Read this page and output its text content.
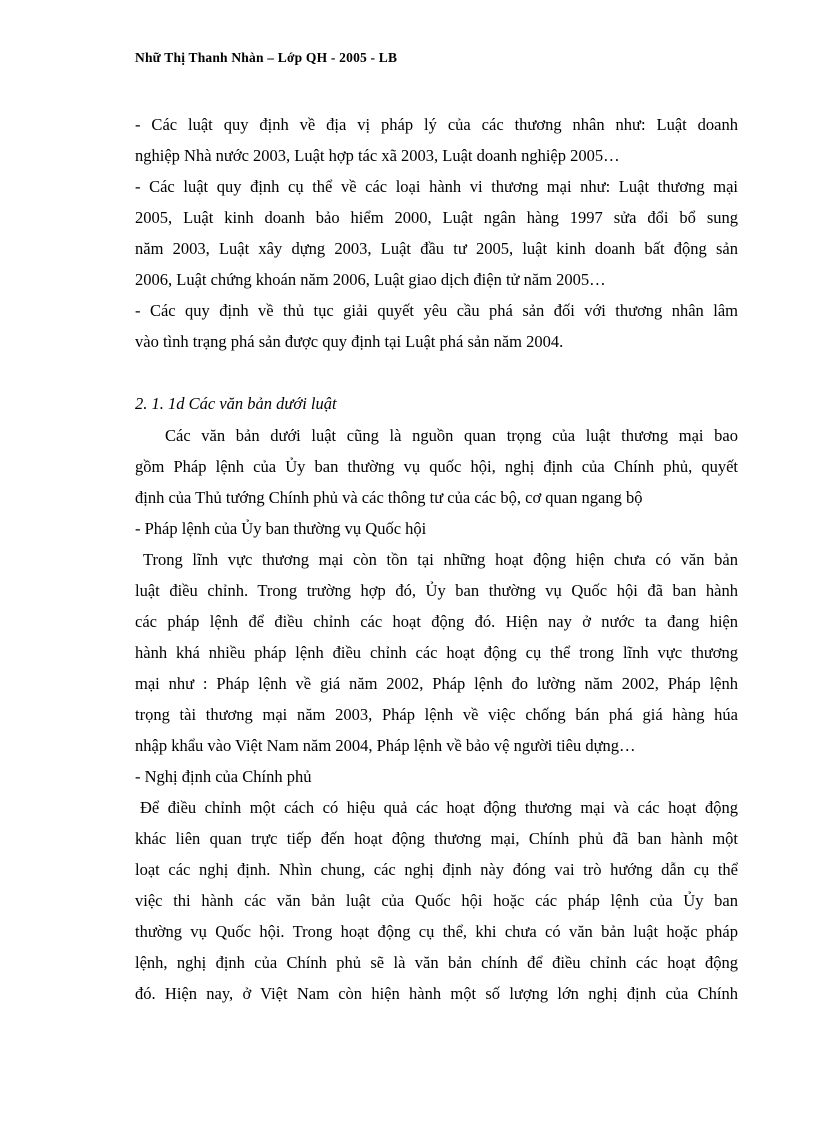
Nhữ Thị Thanh Nhàn – Lớp QH - 2005 - LB
- Các luật quy định về địa vị pháp lý của các thương nhân như: Luật doanh
nghiệp Nhà nước 2003, Luật hợp tác xã 2003, Luật doanh nghiệp 2005…
- Các luật quy định cụ thể về các loại hành vi thương mại như: Luật thương mại
2005, Luật kinh doanh bảo hiểm 2000, Luật ngân hàng 1997 sửa đổi bổ sung
năm 2003, Luật xây dựng 2003, Luật đầu tư 2005, luật kinh doanh bất động sản
2006, Luật chứng khoán năm 2006, Luật giao dịch điện tử năm 2005…
- Các quy định về thủ tục giải quyết yêu cầu phá sản đối với thương nhân lâm
vào tình trạng phá sản được quy định tại Luật phá sản năm 2004.
2. 1. 1d Các văn bản dưới luật
Các văn bản dưới luật cũng là nguồn quan trọng của luật thương mại bao
gồm Pháp lệnh của Ủy ban thường vụ quốc hội, nghị định của Chính phủ, quyết
định của Thủ tướng Chính phủ và các thông tư của các bộ, cơ quan ngang bộ
- Pháp lệnh của Ủy ban thường vụ Quốc hội
Trong lĩnh vực thương mại còn tồn tại những hoạt động hiện chưa có văn bản
luật điều chỉnh. Trong trường hợp đó, Ủy ban thường vụ Quốc hội đã ban hành
các pháp lệnh để điều chỉnh các hoạt động đó. Hiện nay ở nước ta đang hiện
hành khá nhiều pháp lệnh điều chỉnh các hoạt động cụ thể trong lĩnh vực thương
mại như : Pháp lệnh về giá năm 2002, Pháp lệnh đo lường năm 2002, Pháp lệnh
trọng tài thương mại năm 2003, Pháp lệnh về việc chống bán phá giá hàng húa
nhập khẩu vào Việt Nam năm 2004, Pháp lệnh về bảo vệ người tiêu dựng…
- Nghị định của Chính phủ
Để điều chỉnh một cách có hiệu quả các hoạt động thương mại và các hoạt động
khác liên quan trực tiếp đến hoạt động thương mại, Chính phủ đã ban hành một
loạt các nghị định. Nhìn chung, các nghị định này đóng vai trò hướng dẫn cụ thể
việc thi hành các văn bản luật của Quốc hội hoặc các pháp lệnh của Ủy ban
thường vụ Quốc hội. Trong hoạt động cụ thể, khi chưa có văn bản luật hoặc pháp
lệnh, nghị định của Chính phủ sẽ là văn bản chính để điều chỉnh các hoạt động
đó. Hiện nay, ở Việt Nam còn hiện hành một số lượng lớn nghị định của Chính
